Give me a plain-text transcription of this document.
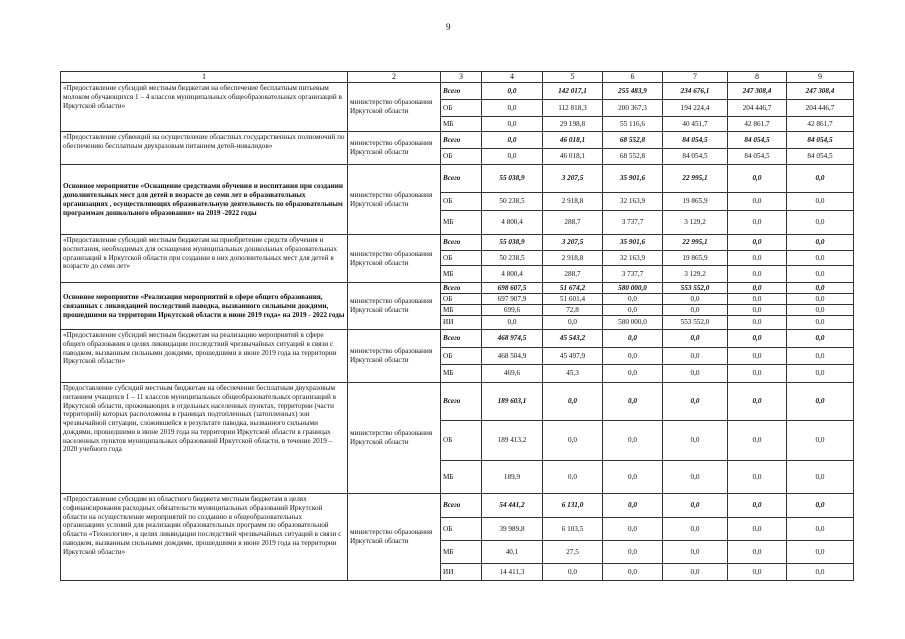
9
1	2	3	4	5	6	7	8	9
«Предоставление субсидий местным бюджетам на обеспечение бесплатным питьевым молоком обучающихся 1 – 4 классов муниципальных общеобразовательных организаций в Иркутской области»	министерство образования Иркутской области	Всего	0,0	142 017,1	255 483,9	234 676,1	247 308,4	247 308,4
		ОБ	0,0	112 818,3	200 367,3	194 224,4	204 446,7	204 446,7
		МБ	0,0	29 198,8	55 116,6	40 451,7	42 861,7	42 861,7
«Предоставление субвенций на осуществление областных государственных полномочий по обеспечению бесплатным двухразовым питанием детей-инвалидов»	министерство образования Иркутской области	Всего	0,0	46 018,1	68 552,8	84 054,5	84 054,5	84 054,5
		ОБ	0,0	46 018,1	68 552,8	84 054,5	84 054,5	84 054,5
Основное мероприятие «Оснащение средствами обучения и воспитания при создании дополнительных мест для детей в возрасте до семи лет в образовательных организациях , осуществляющих образовательную деятельность по образовательным программам дошкольного образования» на 2019 -2022 годы	министерство образования Иркутской области	Всего	55 038,9	3 207,5	35 901,6	22 995,1	0,0	0,0
		ОБ	50 238,5	2 918,8	32 163,9	19 865,9	0,0	0,0
		МБ	4 800,4	288,7	3 737,7	3 129,2	0,0	0,0
«Предоставление субсидий местным бюджетам на приобретение средств обучения и воспитания, необходимых для оснащения муниципальных дошкольных образовательных организаций в Иркутской области при создании в них дополнительных мест для детей в возрасте до семи лет»	министерство образования Иркутской области	Всего	55 038,9	3 207,5	35 901,6	22 995,1	0,0	0,0
		ОБ	50 238,5	2 918,8	32 163,9	19 865,9	0,0	0,0
		МБ	4 800,4	288,7	3 737,7	3 129,2	0,0	0,0
Основное мероприятие «Реализация мероприятий в сфере общего образования, связанных с ликвидацией последствий паводка, вызванного сильными дождями, прошедшими на территории Иркутской области в июне 2019 года» на 2019 - 2022 годы	министерство образования Иркутской области	Всего	698 607,5	51 674,2	580 000,0	553 552,0	0,0	0,0
		ОБ	697 907,9	51 601,4	0,0	0,0	0,0	0,0
		МБ	699,6	72,8	0,0	0,0	0,0	0,0
		ИИ	0,0	0,0	580 000,0	553 552,0	0,0	0,0
«Предоставление субсидий местным бюджетам на реализацию мероприятий в сфере общего образования в целях ликвидации последствий чрезвычайных ситуаций в связи с паводком, вызванным сильными дождями, прошедшими в июне 2019 года на территории Иркутской области»	министерство образования Иркутской области	Всего	468 974,5	45 543,2	0,0	0,0	0,0	0,0
		ОБ	468 504,9	45 497,9	0,0	0,0	0,0	0,0
		МБ	469,6	45,3	0,0	0,0	0,0	0,0
Предоставление субсидий местным бюджетам на обеспечение бесплатным двухразовым питанием учащихся 1 – 11 классов муниципальных общеобразовательных организаций в Иркутской области, проживающих в отдельных населенных пунктах, территории (части территорий) которых расположены в границах подтопленных (затопленных) зон чрезвычайной ситуации, сложившейся в результате паводка, вызванного сильными дождями, прошедшими в июне 2019 года на территории Иркутской области в границах населенных пунктов муниципальных образований Иркутской области, в течение 2019 – 2020 учебного года	министерство образования Иркутской области	Всего	189 603,1	0,0	0,0	0,0	0,0	0,0
		ОБ	189 413,2	0,0	0,0	0,0	0,0	0,0
		МБ	189,9	0,0	0,0	0,0	0,0	0,0
«Предоставление субсидии из областного бюджета местным бюджетам в целях софинансирования расходных обязательств муниципальных образований Иркутской области на осуществление мероприятий по созданию в общеобразовательных организациях условий для реализации образовательных программ по образовательной области «Технология», в целях ликвидации последствий чрезвычайных ситуаций в связи с паводком, вызванным сильными дождями, прошедшими в июне 2019 года на территории Иркутской области»	министерство образования Иркутской области	Всего	54 441,2	6 131,0	0,0	0,0	0,0	0,0
		ОБ	39 989,8	6 103,5	0,0	0,0	0,0	0,0
		МБ	40,1	27,5	0,0	0,0	0,0	0,0
		ИИ	14 411,3	0,0	0,0	0,0	0,0	0,0
